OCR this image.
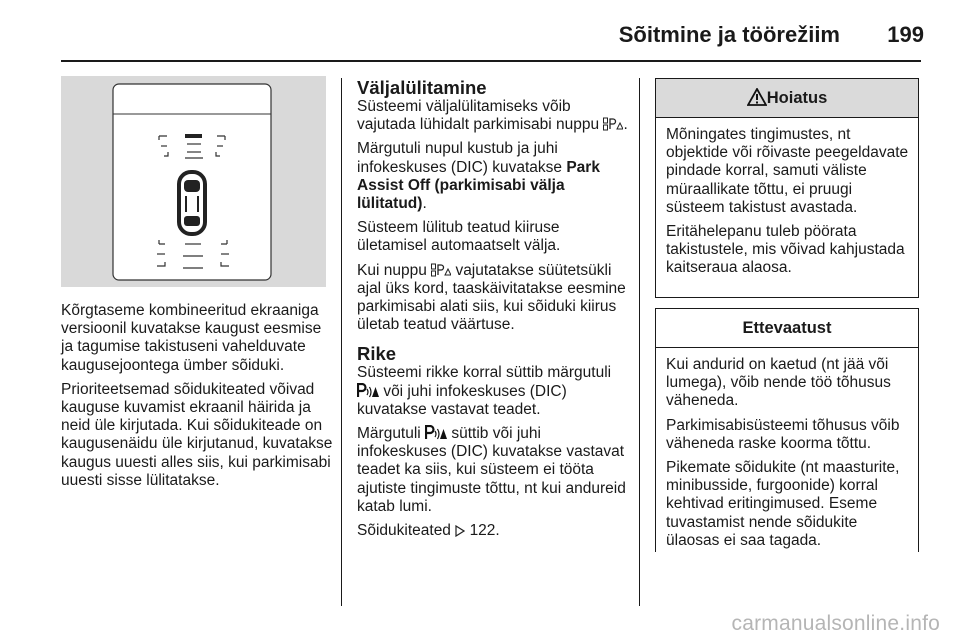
Sõitmine ja töörežiim	199

Kõrgtaseme kombineeritud ekraaniga versioonil kuvatakse kaugust eesmise ja tagumise takistuseni vahelduvate kaugusejoontega ümber sõiduki.

Prioriteetsemad sõidukiteated võivad kauguse kuvamist ekraanil häirida ja neid üle kirjutada. Kui sõidukiteade on kaugusenäidu üle kirjutanud, kuvatakse kaugus uuesti alles siis, kui parkimisabi uuesti sisse lülitatakse.

Väljalülitamine

Süsteemi väljalülitamiseks võib vajutada lühidalt parkimisabi nuppu .

Märgutuli nupul kustub ja juhi infokeskuses (DIC) kuvatakse Park Assist Off (parkimisabi välja lülitatud).

Süsteem lülitub teatud kiiruse ületamisel automaatselt välja.

Kui nuppu vajutatakse süütetsükli ajal üks kord, taaskäivitatakse eesmine parkimisabi alati siis, kui sõiduki kiirus ületab teatud väärtuse.

Rike

Süsteemi rikke korral süttib märgutuli  või juhi infokeskuses (DIC) kuvatakse vastavat teadet.

Märgutuli süttib või juhi infokeskuses (DIC) kuvatakse vastavat teadet ka siis, kui süsteem ei tööta ajutiste tingimuste tõttu, nt kui andureid katab lumi.

Sõidukiteated 122.

Hoiatus

Mõningates tingimustes, nt objektide või rõivaste peegeldavate pindade korral, samuti väliste müraallikate tõttu, ei pruugi süsteem takistust avastada.

Eritähelepanu tuleb pöörata takistustele, mis võivad kahjustada kaitseraua alaosa.

Ettevaatust

Kui andurid on kaetud (nt jää või lumega), võib nende töö tõhusus väheneda.

Parkimisabisüsteemi tõhusus võib väheneda raske koorma tõttu.

Pikemate sõidukite (nt maasturite, minibusside, furgoonide) korral kehtivad eritingimused. Eseme tuvastamist nende sõidukite ülaosas ei saa tagada.

carmanualsonline.info
